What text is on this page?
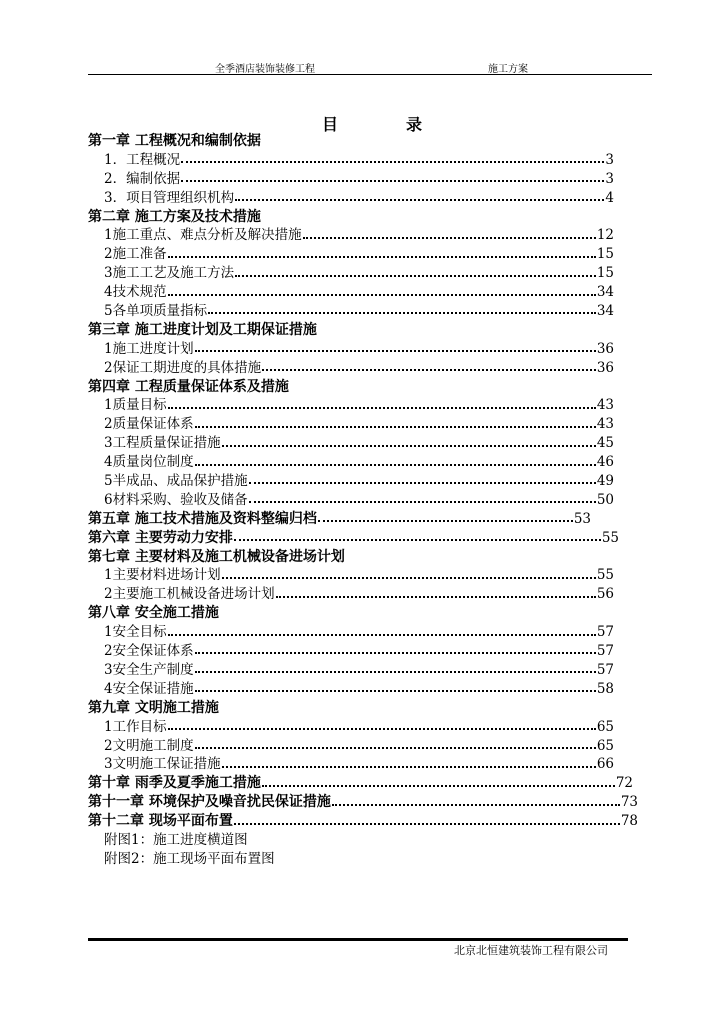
全季酒店装饰装修工程	施工方案
目	录
第一章 工程概况和编制依据
1．工程概况	3
2．编制依据	3
3．项目管理组织机构	4
第二章 施工方案及技术措施
1施工重点、难点分析及解决措施	12
2施工准备	15
3施工工艺及施工方法	15
4技术规范	34
5各单项质量指标	34
第三章 施工进度计划及工期保证措施
1施工进度计划	36
2保证工期进度的具体措施	36
第四章 工程质量保证体系及措施
1质量目标	43
2质量保证体系	43
3工程质量保证措施	45
4质量岗位制度	46
5半成品、成品保护措施	49
6材料采购、验收及储备	50
第五章 施工技术措施及资料整编归档	53
第六章 主要劳动力安排	55
第七章 主要材料及施工机械设备进场计划
1主要材料进场计划	55
2主要施工机械设备进场计划	56
第八章 安全施工措施
1安全目标	57
2安全保证体系	57
3安全生产制度	57
4安全保证措施	58
第九章 文明施工措施
1工作目标	65
2文明施工制度	65
3文明施工保证措施	66
第十章 雨季及夏季施工措施	72
第十一章 环境保护及噪音扰民保证措施	73
第十二章 现场平面布置	78
附图1：施工进度横道图
附图2：施工现场平面布置图
北京北恒建筑装饰工程有限公司
